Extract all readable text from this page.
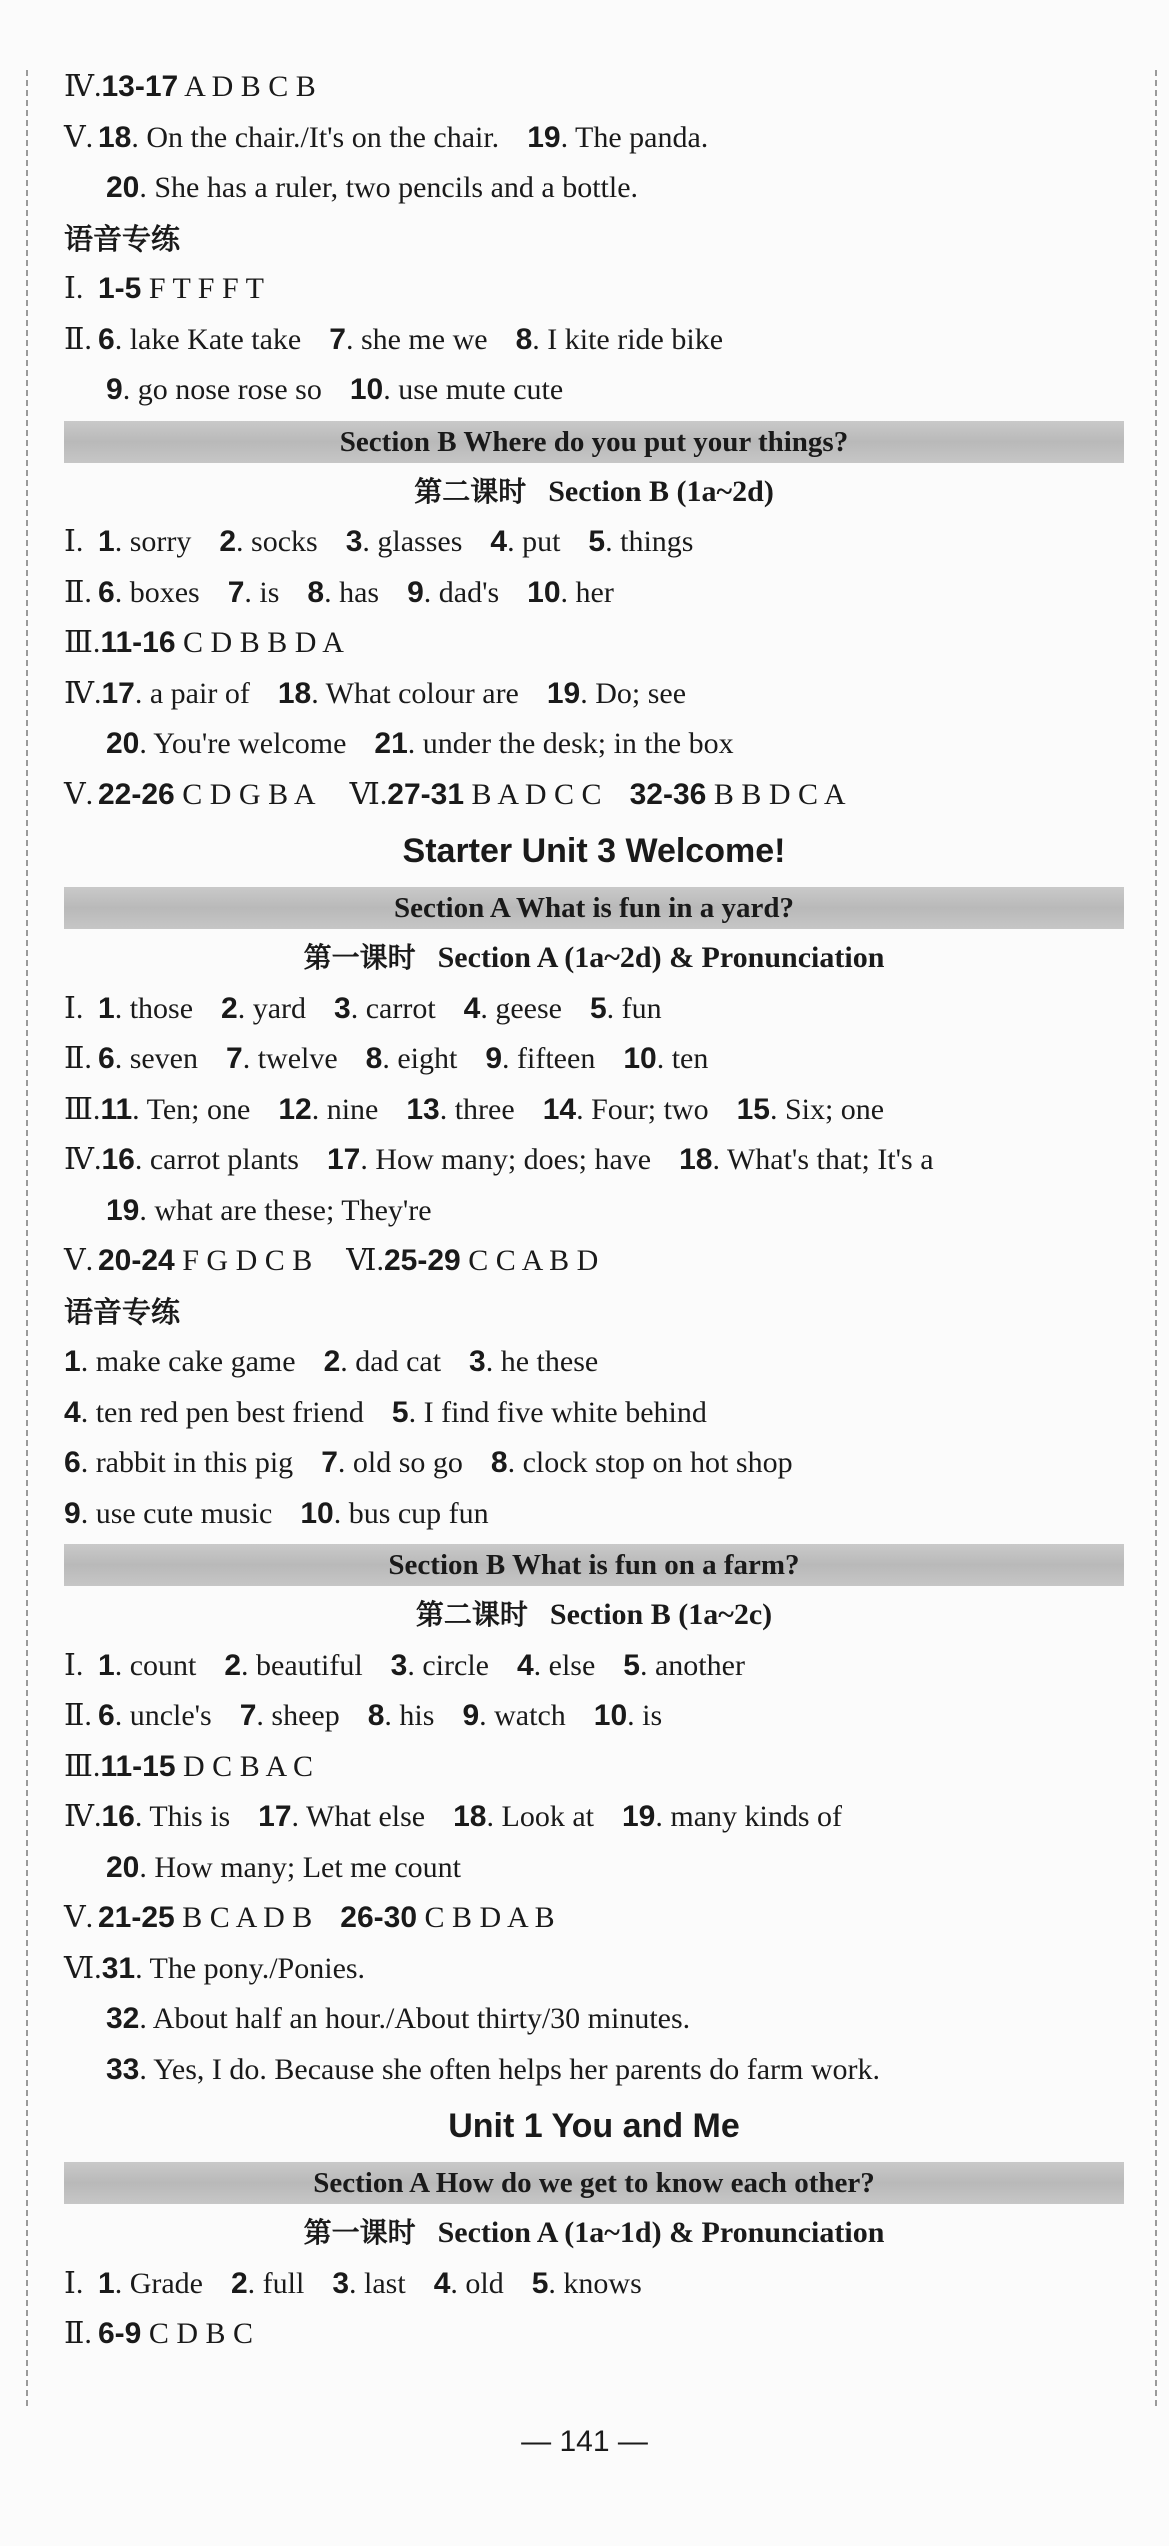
Ⅳ.13-17 A D B C B
Ⅴ. 18. On the chair./It's on the chair. 19. The panda.
20. She has a ruler, two pencils and a bottle.
语音专练
Ⅰ. 1-5 F T F F T
Ⅱ. 6. lake Kate take 7. she me we 8. I kite ride bike
9. go nose rose so 10. use mute cute
Section B Where do you put your things?
第二课时 Section B (1a~2d)
Ⅰ. 1. sorry 2. socks 3. glasses 4. put 5. things
Ⅱ. 6. boxes 7. is 8. has 9. dad's 10. her
Ⅲ.11-16 C D B B D A
Ⅳ.17. a pair of 18. What colour are 19. Do; see
20. You're welcome 21. under the desk; in the box
Ⅴ. 22-26 C D G B A Ⅵ.27-31 B A D C C 32-36 B B D C A
Starter Unit 3 Welcome!
Section A What is fun in a yard?
第一课时 Section A (1a~2d) & Pronunciation
Ⅰ. 1. those 2. yard 3. carrot 4. geese 5. fun
Ⅱ. 6. seven 7. twelve 8. eight 9. fifteen 10. ten
Ⅲ.11. Ten; one 12. nine 13. three 14. Four; two 15. Six; one
Ⅳ.16. carrot plants 17. How many; does; have 18. What's that; It's a
19. what are these; They're
Ⅴ. 20-24 F G D C B Ⅵ.25-29 C C A B D
语音专练
1. make cake game 2. dad cat 3. he these
4. ten red pen best friend 5. I find five white behind
6. rabbit in this pig 7. old so go 8. clock stop on hot shop
9. use cute music 10. bus cup fun
Section B What is fun on a farm?
第二课时 Section B (1a~2c)
Ⅰ. 1. count 2. beautiful 3. circle 4. else 5. another
Ⅱ. 6. uncle's 7. sheep 8. his 9. watch 10. is
Ⅲ.11-15 D C B A C
Ⅳ.16. This is 17. What else 18. Look at 19. many kinds of
20. How many; Let me count
Ⅴ. 21-25 B C A D B 26-30 C B D A B
Ⅵ.31. The pony./Ponies.
32. About half an hour./About thirty/30 minutes.
33. Yes, I do. Because she often helps her parents do farm work.
Unit 1 You and Me
Section A How do we get to know each other?
第一课时 Section A (1a~1d) & Pronunciation
Ⅰ. 1. Grade 2. full 3. last 4. old 5. knows
Ⅱ. 6-9 C D B C
— 141 —
